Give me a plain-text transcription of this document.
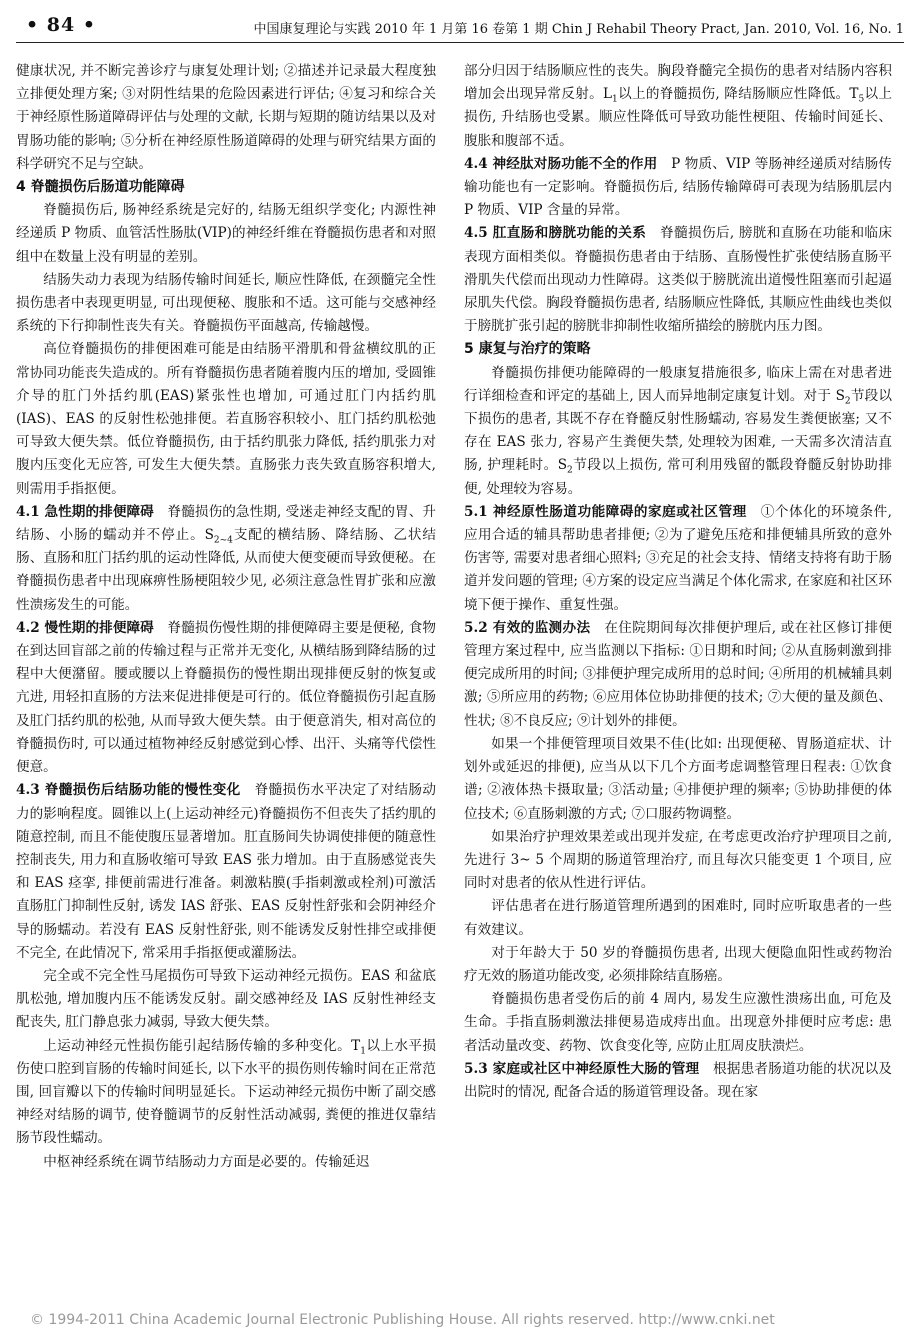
• 84 •	中国康复理论与实践 2010 年 1 月第 16 卷第 1 期 Chin J Rehabil Theory Pract, Jan. 2010, Vol. 16, No. 1

健康状况, 并不断完善诊疗与康复处理计划; ②描述并记录最大程度独立排便处理方案; ③对阴性结果的危险因素进行评估; ④复习和综合关于神经原性肠道障碍评估与处理的文献, 长期与短期的随访结果以及对胃肠功能的影响; ⑤分析在神经原性肠道障碍的处理与研究结果方面的科学研究不足与空缺。

4 脊髓损伤后肠道功能障碍

脊髓损伤后, 肠神经系统是完好的, 结肠无组织学变化; 内源性神经递质 P 物质、血管活性肠肽(VIP)的神经纤维在脊髓损伤患者和对照组中在数量上没有明显的差别。

结肠失动力表现为结肠传输时间延长, 顺应性降低, 在颈髓完全性损伤患者中表现更明显, 可出现便秘、腹胀和不适。这可能与交感神经系统的下行抑制性丧失有关。脊髓损伤平面越高, 传输越慢。

高位脊髓损伤的排便困难可能是由结肠平滑肌和骨盆横纹肌的正常协同功能丧失造成的。所有脊髓损伤患者随着腹内压的增加, 受圆锥介导的肛门外括约肌(EAS)紧张性也增加, 可通过肛门内括约肌(IAS)、EAS 的反射性松弛排便。若直肠容积较小、肛门括约肌松弛可导致大便失禁。低位脊髓损伤, 由于括约肌张力降低, 括约肌张力对腹内压变化无应答, 可发生大便失禁。直肠张力丧失致直肠容积增大, 则需用手指抠便。

4.1 急性期的排便障碍　 脊髓损伤的急性期, 受迷走神经支配的胃、升结肠、小肠的蠕动并不停止。$S_{2\sim 4}$支配的横结肠、降结肠、乙状结肠、直肠和肛门括约肌的运动性降低, 从而使大便变硬而导致便秘。在脊髓损伤患者中出现麻痹性肠梗阻较少见, 必须注意急性胃扩张和应激性溃疡发生的可能。

4.2 慢性期的排便障碍　 脊髓损伤慢性期的排便障碍主要是便秘, 食物在到达回盲部之前的传输过程与正常并无变化, 从横结肠到降结肠的过程中大便潴留。腰或腰以上脊髓损伤的慢性期出现排便反射的恢复或亢进, 用轻扣直肠的方法来促进排便是可行的。低位脊髓损伤引起直肠及肛门括约肌的松弛, 从而导致大便失禁。由于便意消失, 相对高位的脊髓损伤时, 可以通过植物神经反射感觉到心悸、出汗、头痛等代偿性便意。

4.3 脊髓损伤后结肠功能的慢性变化　 脊髓损伤水平决定了对结肠动力的影响程度。圆锥以上(上运动神经元)脊髓损伤不但丧失了括约肌的随意控制, 而且不能使腹压显著增加。肛直肠间失协调使排便的随意性控制丧失, 用力和直肠收缩可导致 EAS 张力增加。由于直肠感觉丧失和 EAS 痉挛, 排便前需进行准备。刺激粘膜(手指刺激或栓剂)可激活直肠肛门抑制性反射, 诱发 IAS 舒张、EAS 反射性舒张和会阴神经介导的肠蠕动。若没有 EAS 反射性舒张, 则不能诱发反射性排空或排便不完全, 在此情况下, 常采用手指抠便或灌肠法。

完全或不完全性马尾损伤可导致下运动神经元损伤。EAS 和盆底肌松弛, 增加腹内压不能诱发反射。副交感神经及 IAS 反射性神经支配丧失, 肛门静息张力减弱, 导致大便失禁。

上运动神经元性损伤能引起结肠传输的多种变化。$T_1$以上水平损伤使口腔到盲肠的传输时间延长, 以下水平的损伤则传输时间在正常范围, 回盲瓣以下的传输时间明显延长。下运动神经元损伤中断了副交感神经对结肠的调节, 使脊髓调节的反射性活动减弱, 粪便的推进仅靠结肠节段性蠕动。

中枢神经系统在调节结肠动力方面是必要的。传输延迟

部分归因于结肠顺应性的丧失。胸段脊髓完全损伤的患者对结肠内容积增加会出现异常反射。$L_1$以上的脊髓损伤, 降结肠顺应性降低。$T_5$以上损伤, 升结肠也受累。顺应性降低可导致功能性梗阻、传输时间延长、腹胀和腹部不适。

4.4 神经肽对肠功能不全的作用　 P 物质、VIP 等肠神经递质对结肠传输功能也有一定影响。脊髓损伤后, 结肠传输障碍可表现为结肠肌层内 P 物质、VIP 含量的异常。

4.5 肛直肠和膀胱功能的关系　 脊髓损伤后, 膀胱和直肠在功能和临床表现方面相类似。脊髓损伤患者由于结肠、直肠慢性扩张使结肠直肠平滑肌失代偿而出现动力性障碍。这类似于膀胱流出道慢性阻塞而引起逼尿肌失代偿。胸段脊髓损伤患者, 结肠顺应性降低, 其顺应性曲线也类似于膀胱扩张引起的膀胱非抑制性收缩所描绘的膀胱内压力图。

5 康复与治疗的策略

脊髓损伤排便功能障碍的一般康复措施很多, 临床上需在对患者进行详细检查和评定的基础上, 因人而异地制定康复计划。对于 $S_2$节段以下损伤的患者, 其既不存在脊髓反射性肠蠕动, 容易发生粪便嵌塞; 又不存在 EAS 张力, 容易产生粪便失禁, 处理较为困难, 一天需多次清洁直肠, 护理耗时。$S_2$节段以上损伤, 常可利用残留的骶段脊髓反射协助排便, 处理较为容易。

5.1 神经原性肠道功能障碍的家庭或社区管理　 ①个体化的环境条件, 应用合适的辅具帮助患者排便; ②为了避免压疮和排便辅具所致的意外伤害等, 需要对患者细心照料; ③充足的社会支持、情绪支持将有助于肠道并发问题的管理; ④方案的设定应当满足个体化需求, 在家庭和社区环境下便于操作、重复性强。

5.2 有效的监测办法　 在住院期间每次排便护理后, 或在社区修订排便管理方案过程中, 应当监测以下指标: ①日期和时间; ②从直肠刺激到排便完成所用的时间; ③排便护理完成所用的总时间; ④所用的机械辅具刺激; ⑤所应用的药物; ⑥应用体位协助排便的技术; ⑦大便的量及颜色、性状; ⑧不良反应; ⑨计划外的排便。

如果一个排便管理项目效果不佳(比如: 出现便秘、胃肠道症状、计划外或延迟的排便), 应当从以下几个方面考虑调整管理日程表: ①饮食谱; ②液体热卡摄取量; ③活动量; ④排便护理的频率; ⑤协助排便的体位技术; ⑥直肠刺激的方式; ⑦口服药物调整。

如果治疗护理效果差或出现并发症, 在考虑更改治疗护理项目之前, 先进行 3~ 5 个周期的肠道管理治疗, 而且每次只能变更 1 个项目, 应同时对患者的依从性进行评估。

评估患者在进行肠道管理所遇到的困难时, 同时应听取患者的一些有效建议。

对于年龄大于 50 岁的脊髓损伤患者, 出现大便隐血阳性或药物治疗无效的肠道功能改变, 必须排除结直肠癌。

脊髓损伤患者受伤后的前 4 周内, 易发生应激性溃疡出血, 可危及生命。手指直肠刺激法排便易造成痔出血。出现意外排便时应考虑: 患者活动量改变、药物、饮食变化等, 应防止肛周皮肤溃烂。

5.3 家庭或社区中神经原性大肠的管理　 根据患者肠道功能的状况以及出院时的情况, 配备合适的肠道管理设备。现在家

© 1994-2011 China Academic Journal Electronic Publishing House. All rights reserved. http://www.cnki.net
